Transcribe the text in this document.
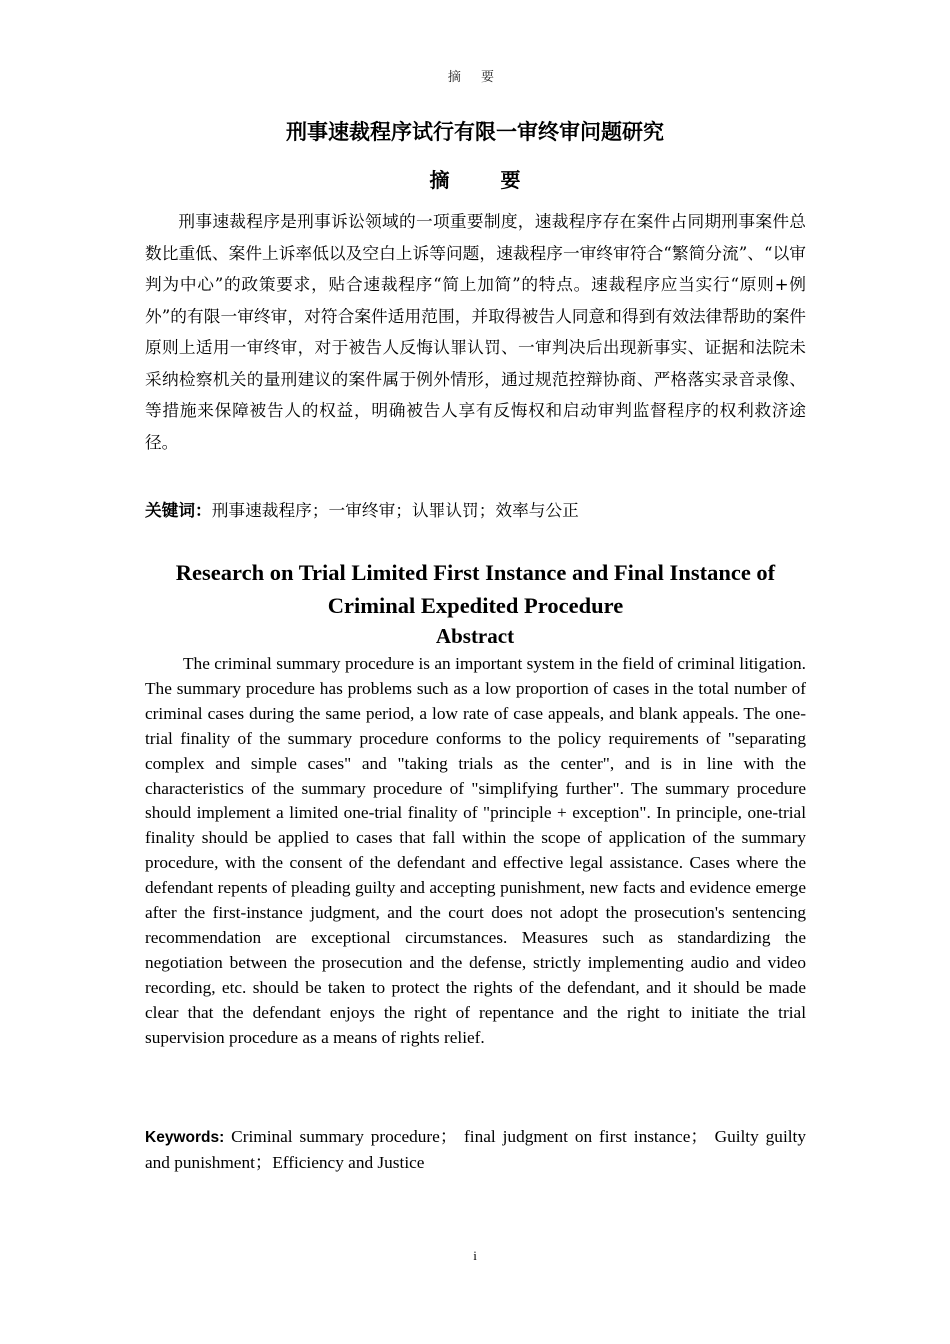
摘 要
刑事速裁程序试行有限一审终审问题研究
摘 要

刑事速裁程序是刑事诉讼领域的一项重要制度，速裁程序存在案件占同期刑事案件总数比重低、案件上诉率低以及空白上诉等问题，速裁程序一审终审符合“繁简分流”、“以审判为中心”的政策要求，贴合速裁程序“简上加简”的特点。速裁程序应当实行“原则+例外”的有限一审终审，对符合案件适用范围，并取得被告人同意和得到有效法律帮助的案件原则上适用一审终审，对于被告人反悔认罪认罚、一审判决后出现新事实、证据和法院未采纳检察机关的量刑建议的案件属于例外情形，通过规范控辩协商、严格落实录音录像、等措施来保障被告人的权益，明确被告人享有反悔权和启动审判监督程序的权利救济途径。

关键词：刑事速裁程序；一审终审；认罪认罚；效率与公正
Research on Trial Limited First Instance and Final Instance of Criminal Expedited Procedure
Abstract

The criminal summary procedure is an important system in the field of criminal litigation. The summary procedure has problems such as a low proportion of cases in the total number of criminal cases during the same period, a low rate of case appeals, and blank appeals. The one-trial finality of the summary procedure conforms to the policy requirements of "separating complex and simple cases" and "taking trials as the center", and is in line with the characteristics of the summary procedure of "simplifying further". The summary procedure should implement a limited one-trial finality of "principle + exception". In principle, one-trial finality should be applied to cases that fall within the scope of application of the summary procedure, with the consent of the defendant and effective legal assistance. Cases where the defendant repents of pleading guilty and accepting punishment, new facts and evidence emerge after the first-instance judgment, and the court does not adopt the prosecution's sentencing recommendation are exceptional circumstances. Measures such as standardizing the negotiation between the prosecution and the defense, strictly implementing audio and video recording, etc. should be taken to protect the rights of the defendant, and it should be made clear that the defendant enjoys the right of repentance and the right to initiate the trial supervision procedure as a means of rights relief.

Keywords: Criminal summary procedure； final judgment on first instance； Guilty guilty and punishment；Efficiency and Justice

i
